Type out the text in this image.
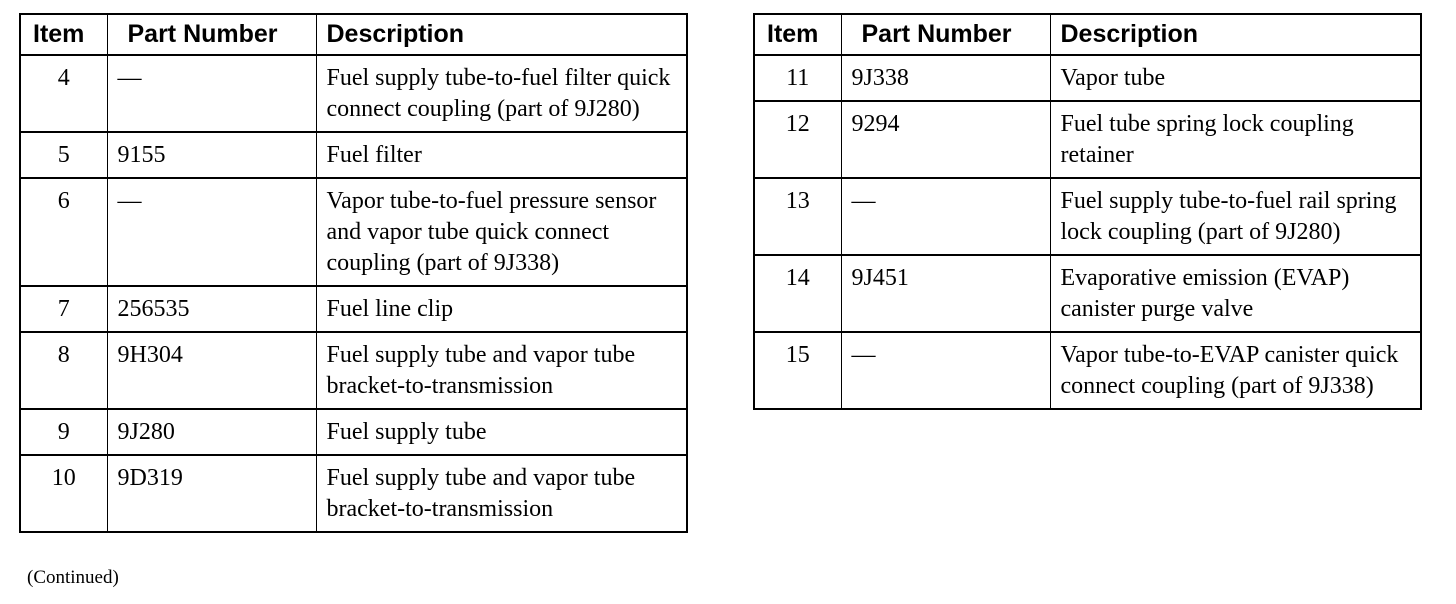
Item	Part Number	Description
4	—	Fuel supply tube-to-fuel filter quick connect coupling (part of 9J280)
5	9155	Fuel filter
6	—	Vapor tube-to-fuel pressure sensor and vapor tube quick connect coupling (part of 9J338)
7	256535	Fuel line clip
8	9H304	Fuel supply tube and vapor tube bracket-to-transmission
9	9J280	Fuel supply tube
10	9D319	Fuel supply tube and vapor tube bracket-to-transmission
Item	Part Number	Description
11	9J338	Vapor tube
12	9294	Fuel tube spring lock coupling retainer
13	—	Fuel supply tube-to-fuel rail spring lock coupling (part of 9J280)
14	9J451	Evaporative emission (EVAP) canister purge valve
15	—	Vapor tube-to-EVAP canister quick connect coupling (part of 9J338)
(Continued)
